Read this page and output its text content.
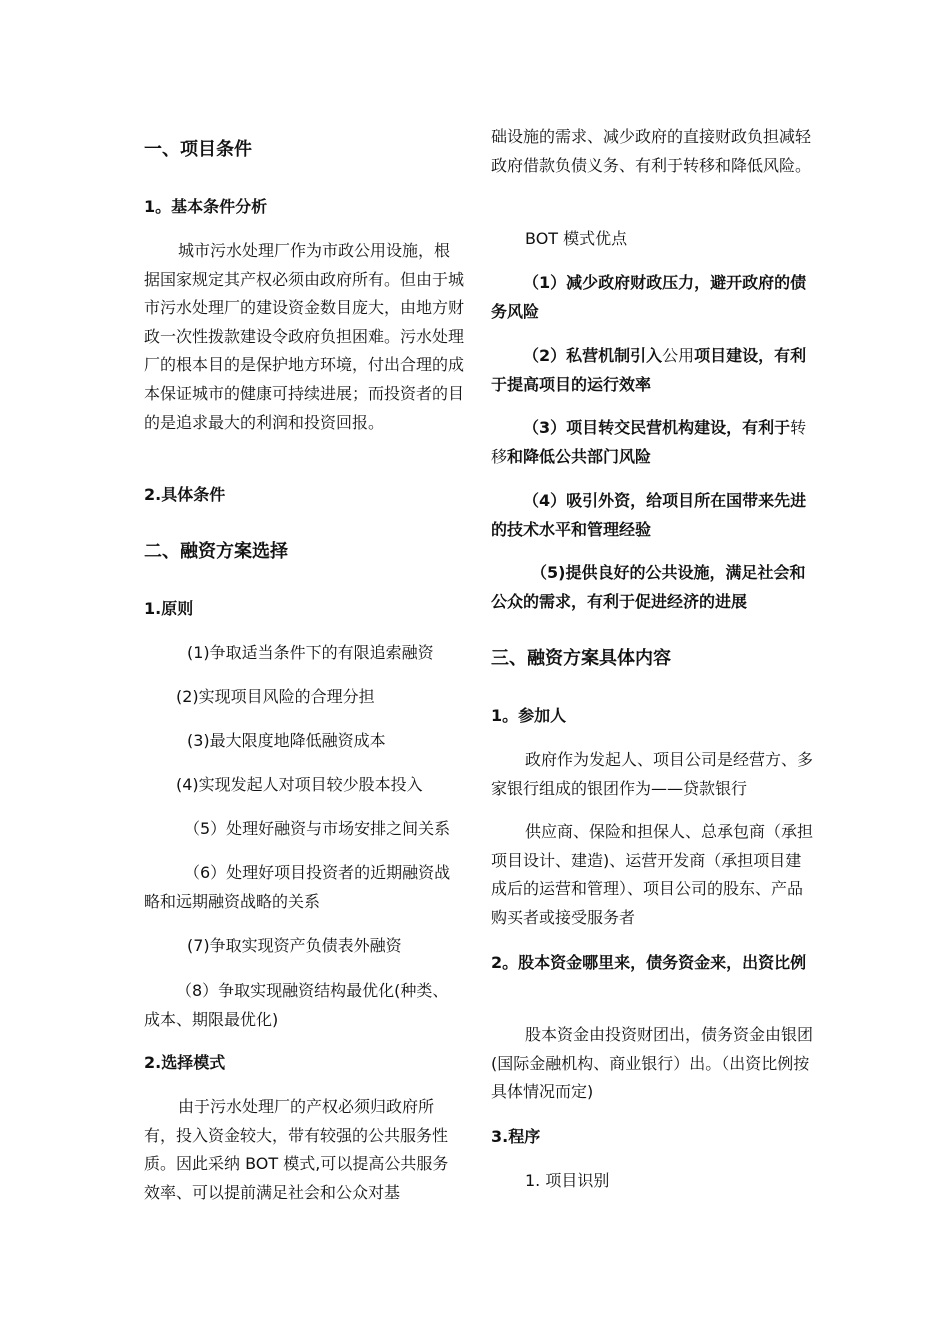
一、项目条件
1。基本条件分析

城市污水处理厂作为市政公用设施，根据国家规定其产权必须由政府所有。但由于城市污水处理厂的建设资金数目庞大，由地方财政一次性拨款建设令政府负担困难。污水处理厂的根本目的是保护地方环境，付出合理的成本保证城市的健康可持续进展；而投资者的目的是追求最大的利润和投资回报。

2.具体条件
二、融资方案选择
1.原则

(1)争取适当条件下的有限追索融资

(2)实现项目风险的合理分担

(3)最大限度地降低融资成本

(4)实现发起人对项目较少股本投入

（5）处理好融资与市场安排之间关系

（6）处理好项目投资者的近期融资战略和远期融资战略的关系

(7)争取实现资产负债表外融资

（8）争取实现融资结构最优化(种类、成本、期限最优化)

2.选择模式

由于污水处理厂的产权必须归政府所有，投入资金较大，带有较强的公共服务性质。因此采纳 BOT 模式,可以提高公共服务效率、可以提前满足社会和公众对基

础设施的需求、减少政府的直接财政负担减轻政府借款负债义务、有利于转移和降低风险。

BOT 模式优点

（1）减少政府财政压力，避开政府的债务风险

（2）私营机制引入公用项目建设，有利于提高项目的运行效率

（3）项目转交民营机构建设，有利于转移和降低公共部门风险

（4）吸引外资，给项目所在国带来先进的技术水平和管理经验

（5)提供良好的公共设施，满足社会和公众的需求，有利于促进经济的进展

三、融资方案具体内容
1。参加人

政府作为发起人、项目公司是经营方、多家银行组成的银团作为——贷款银行

供应商、保险和担保人、总承包商（承担项目设计、建造)、运营开发商（承担项目建成后的运营和管理）、项目公司的股东、产品购买者或接受服务者

2。股本资金哪里来，债务资金来，出资比例

股本资金由投资财团出，债务资金由银团(国际金融机构、商业银行）出。（出资比例按具体情况而定)

3.程序

1. 项目识别
